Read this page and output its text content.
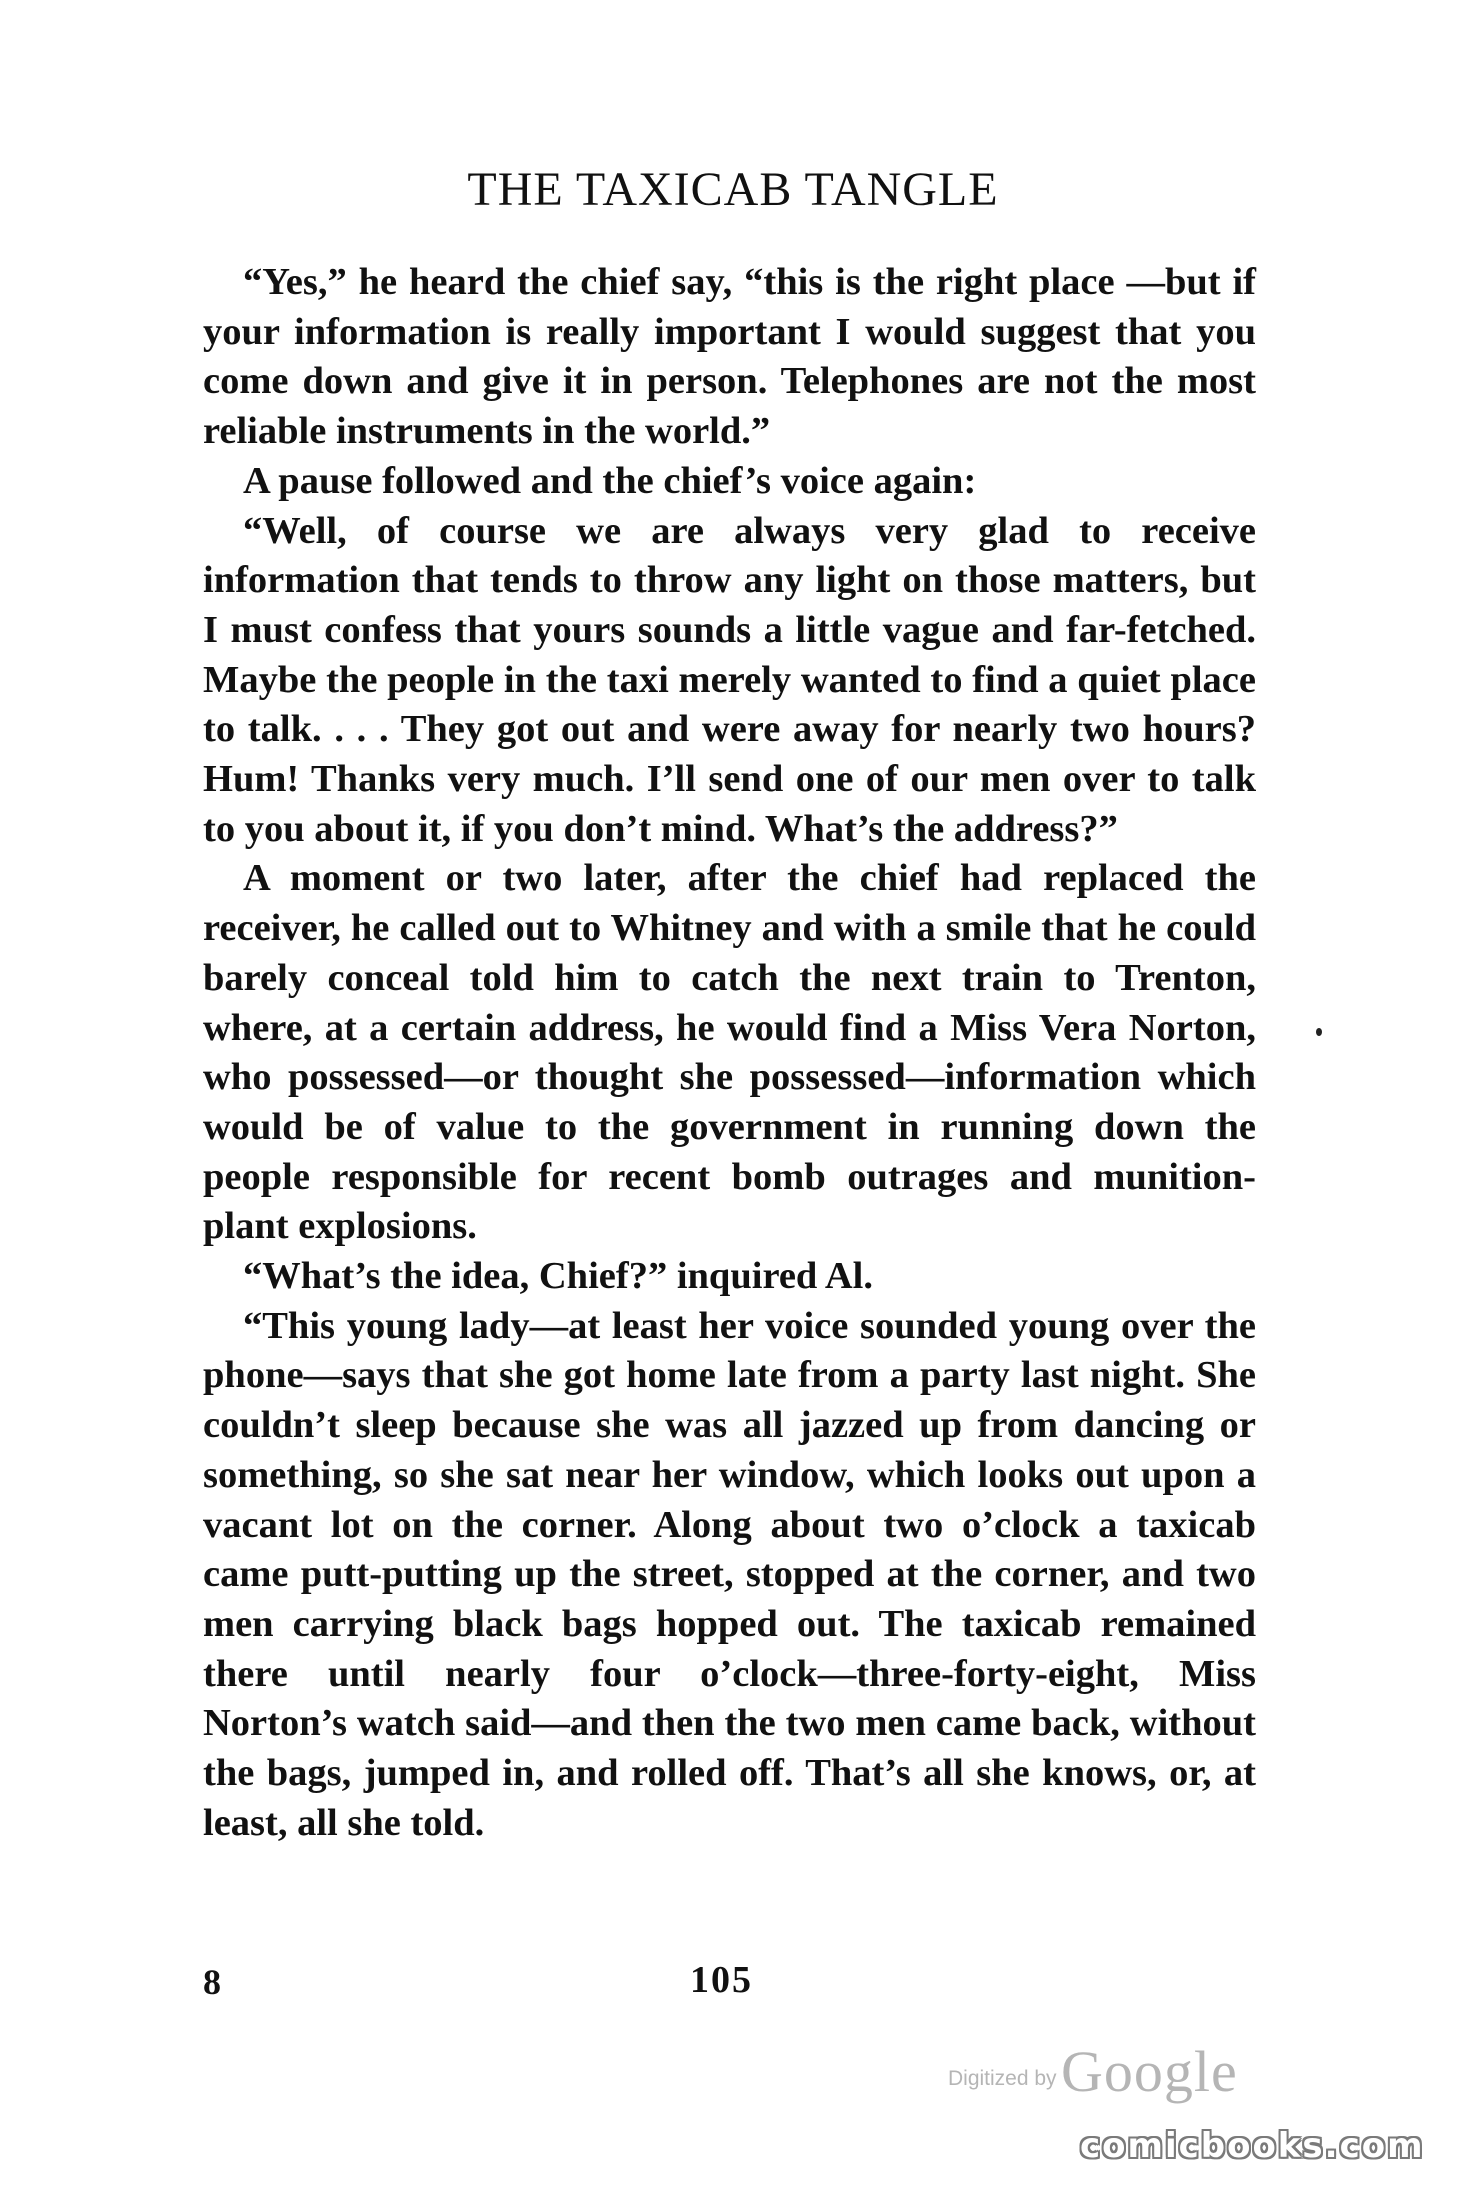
THE TAXICAB TANGLE

“Yes,” he heard the chief say, “this is the right place —but if your information is really important I would suggest that you come down and give it in person. Telephones are not the most reliable instruments in the world.”

A pause followed and the chief’s voice again:

“Well, of course we are always very glad to receive information that tends to throw any light on those matters, but I must confess that yours sounds a little vague and far-fetched. Maybe the people in the taxi merely wanted to find a quiet place to talk. . . . They got out and were away for nearly two hours? Hum! Thanks very much. I’ll send one of our men over to talk to you about it, if you don’t mind. What’s the address?”

A moment or two later, after the chief had replaced the receiver, he called out to Whitney and with a smile that he could barely conceal told him to catch the next train to Trenton, where, at a certain address, he would find a Miss Vera Norton, who possessed—or thought she possessed—information which would be of value to the government in running down the people responsible for recent bomb outrages and munition-plant explosions.

“What’s the idea, Chief?” inquired Al.

“This young lady—at least her voice sounded young over the phone—says that she got home late from a party last night. She couldn’t sleep because she was all jazzed up from dancing or something, so she sat near her window, which looks out upon a vacant lot on the corner. Along about two o’clock a taxicab came putt-putting up the street, stopped at the corner, and two men carrying black bags hopped out. The taxicab remained there until nearly four o’clock—three-forty-eight, Miss Norton’s watch said—and then the two men came back, without the bags, jumped in, and rolled off. That’s all she knows, or, at least, all she told.

8	105
Digitized by Google
comicbooks.com
